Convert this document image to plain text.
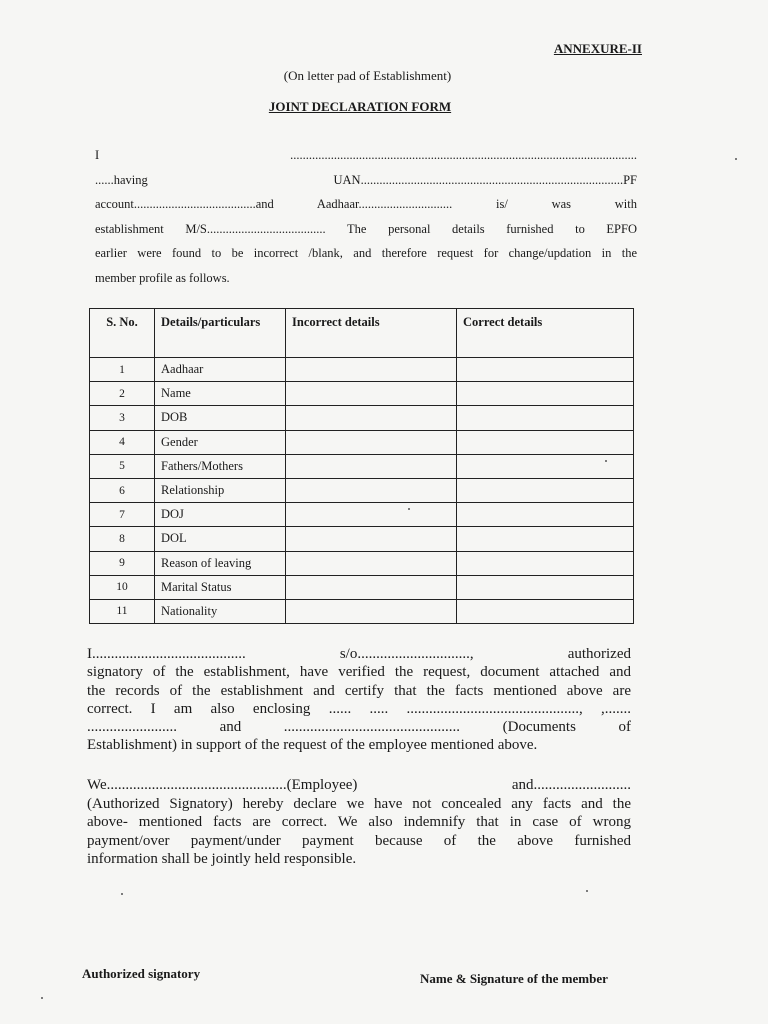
ANNEXURE-II
(On letter pad of Establishment)
JOINT DECLARATION FORM
I ...............................................................................................................
......having UAN....................................................................................PF
account.......................................and Aadhaar.............................. is/ was with
establishment M/S...................................... The personal details furnished to EPFO
earlier were found to be incorrect /blank, and therefore request for change/updation in the
member profile as follows.
S. No.	Details/particulars	Incorrect details	Correct details
1	Aadhaar		
2	Name		
3	DOB		
4	Gender		
5	Fathers/Mothers		
6	Relationship		
7	DOJ		
8	DOL		
9	Reason of leaving		
10	Marital Status		
11	Nationality		
I......................................... s/o.............................., authorized
signatory of the establishment, have verified the request, document attached and
the records of the establishment and certify that the facts mentioned above are
correct. I am also enclosing ...... ..... .............................................., ,.......
........................ and ............................................... (Documents of
Establishment) in support of the request of the employee mentioned above.
We................................................(Employee) and..........................
(Authorized Signatory) hereby declare we have not concealed any facts and the
above- mentioned facts are correct. We also indemnify that in case of wrong
payment/over payment/under payment because of the above furnished
information shall be jointly held responsible.
Authorized signatory	Name & Signature of the member
